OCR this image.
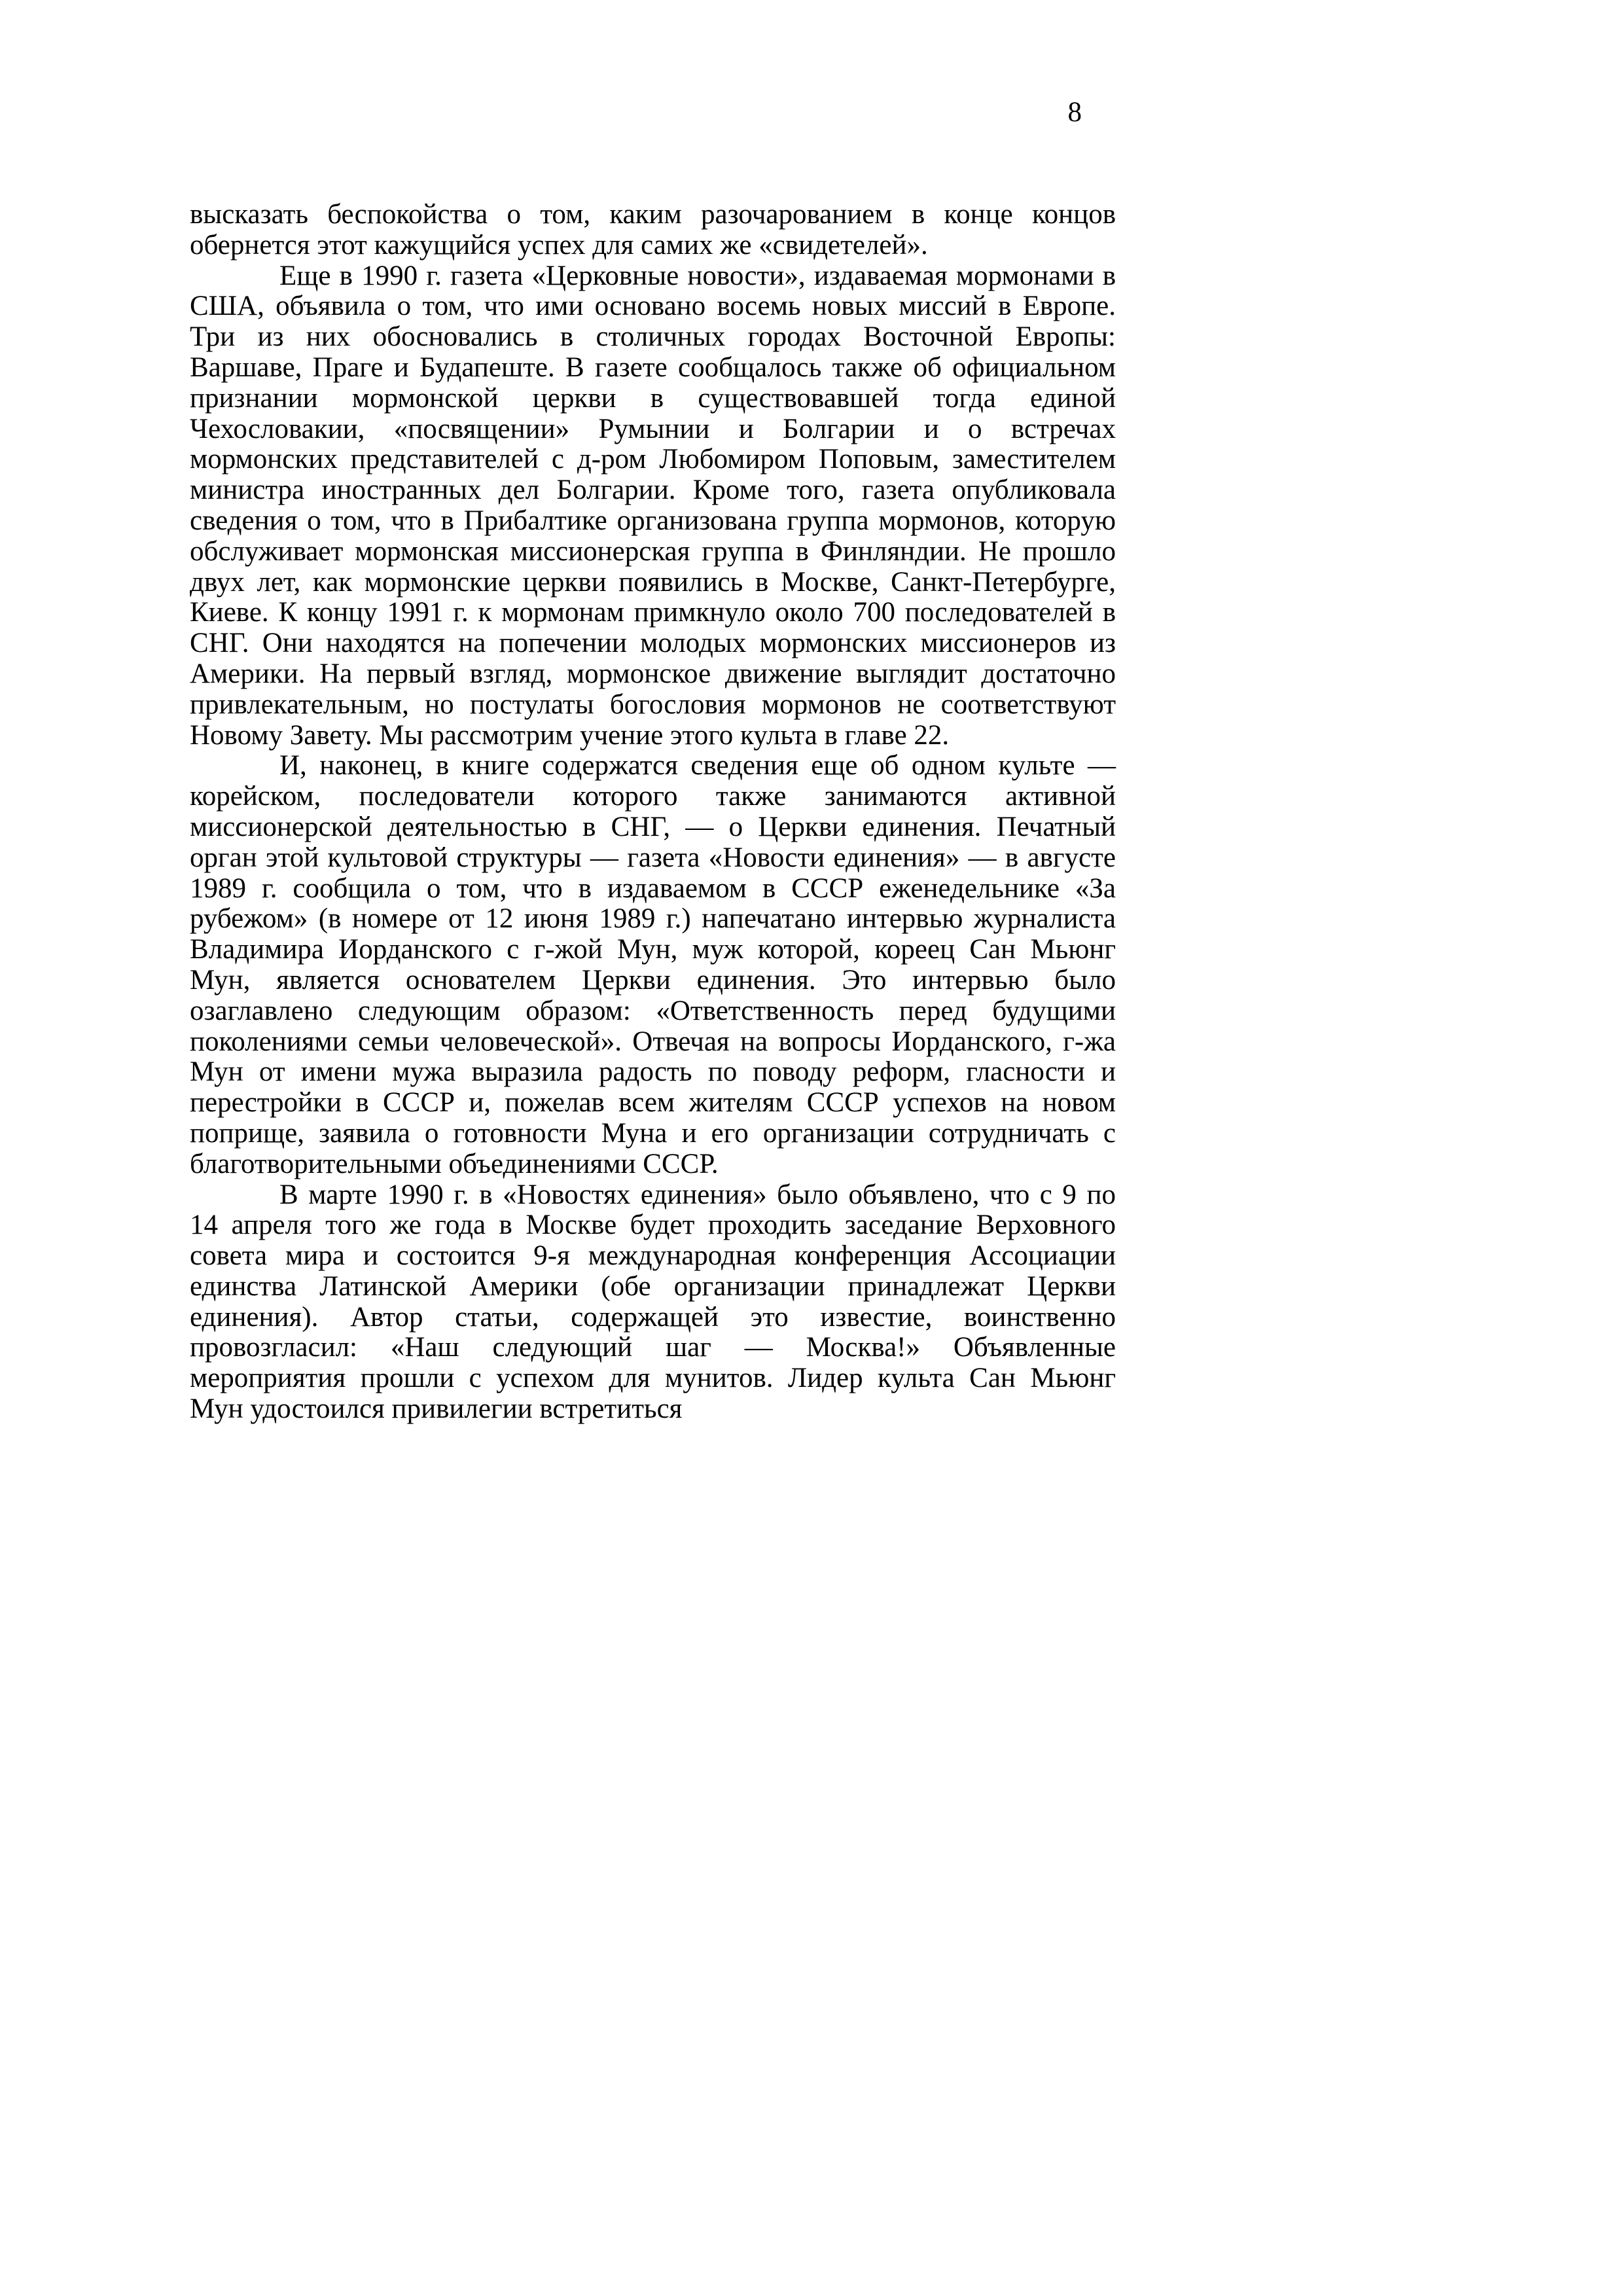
8
высказать беспокойства о том, каким разочарованием в конце концов
обернется этот кажущийся успех для самих же «свидетелей».
Еще в 1990 г. газета «Церковные новости», издаваемая мормонами в
США, объявила о том, что ими основано восемь новых миссий в Европе.
Три из них обосновались в столичных городах Восточной Европы:
Варшаве, Праге и Будапеште. В газете сообщалось также об официальном
признании мормонской церкви в существовавшей тогда единой
Чехословакии, «посвящении» Румынии и Болгарии и о встречах
мормонских представителей с д-ром Любомиром Поповым, заместителем
министра иностранных дел Болгарии. Кроме того, газета опубликовала
сведения о том, что в Прибалтике организована группа мормонов, которую
обслуживает мормонская миссионерская группа в Финляндии. Не прошло
двух лет, как мормонские церкви появились в Москве, Санкт-Петербурге,
Киеве. К концу 1991 г. к мормонам примкнуло около 700 последователей в
СНГ. Они находятся на попечении молодых мормонских миссионеров из
Америки. На первый взгляд, мормонское движение выглядит достаточно
привлекательным, но постулаты богословия мормонов не соответствуют
Новому Завету. Мы рассмотрим учение этого культа в главе 22.
И, наконец, в книге содержатся сведения еще об одном культе —
корейском, последователи которого также занимаются активной
миссионерской деятельностью в СНГ, — о Церкви единения. Печатный
орган этой культовой структуры — газета «Новости единения» — в августе
1989 г. сообщила о том, что в издаваемом в СССР еженедельнике «За
рубежом» (в номере от 12 июня 1989 г.) напечатано интервью журналиста
Владимира Иорданского с г-жой Мун, муж которой, кореец Сан Мьюнг
Мун, является основателем Церкви единения. Это интервью было
озаглавлено следующим образом: «Ответственность перед будущими
поколениями семьи человеческой». Отвечая на вопросы Иорданского, г-жа
Мун от имени мужа выразила радость по поводу реформ, гласности и
перестройки в СССР и, пожелав всем жителям СССР успехов на новом
поприще, заявила о готовности Муна и его организации сотрудничать с
благотворительными объединениями СССР.
В марте 1990 г. в «Новостях единения» было объявлено, что с 9 по
14 апреля того же года в Москве будет проходить заседание Верховного
совета мира и состоится 9-я международная конференция Ассоциации
единства Латинской Америки (обе организации принадлежат Церкви
единения). Автор статьи, содержащей это известие, воинственно
провозгласил: «Наш следующий шаг — Москва!» Объявленные
мероприятия прошли с успехом для мунитов. Лидер культа Сан Мьюнг
Мун удостоился привилегии встретиться
